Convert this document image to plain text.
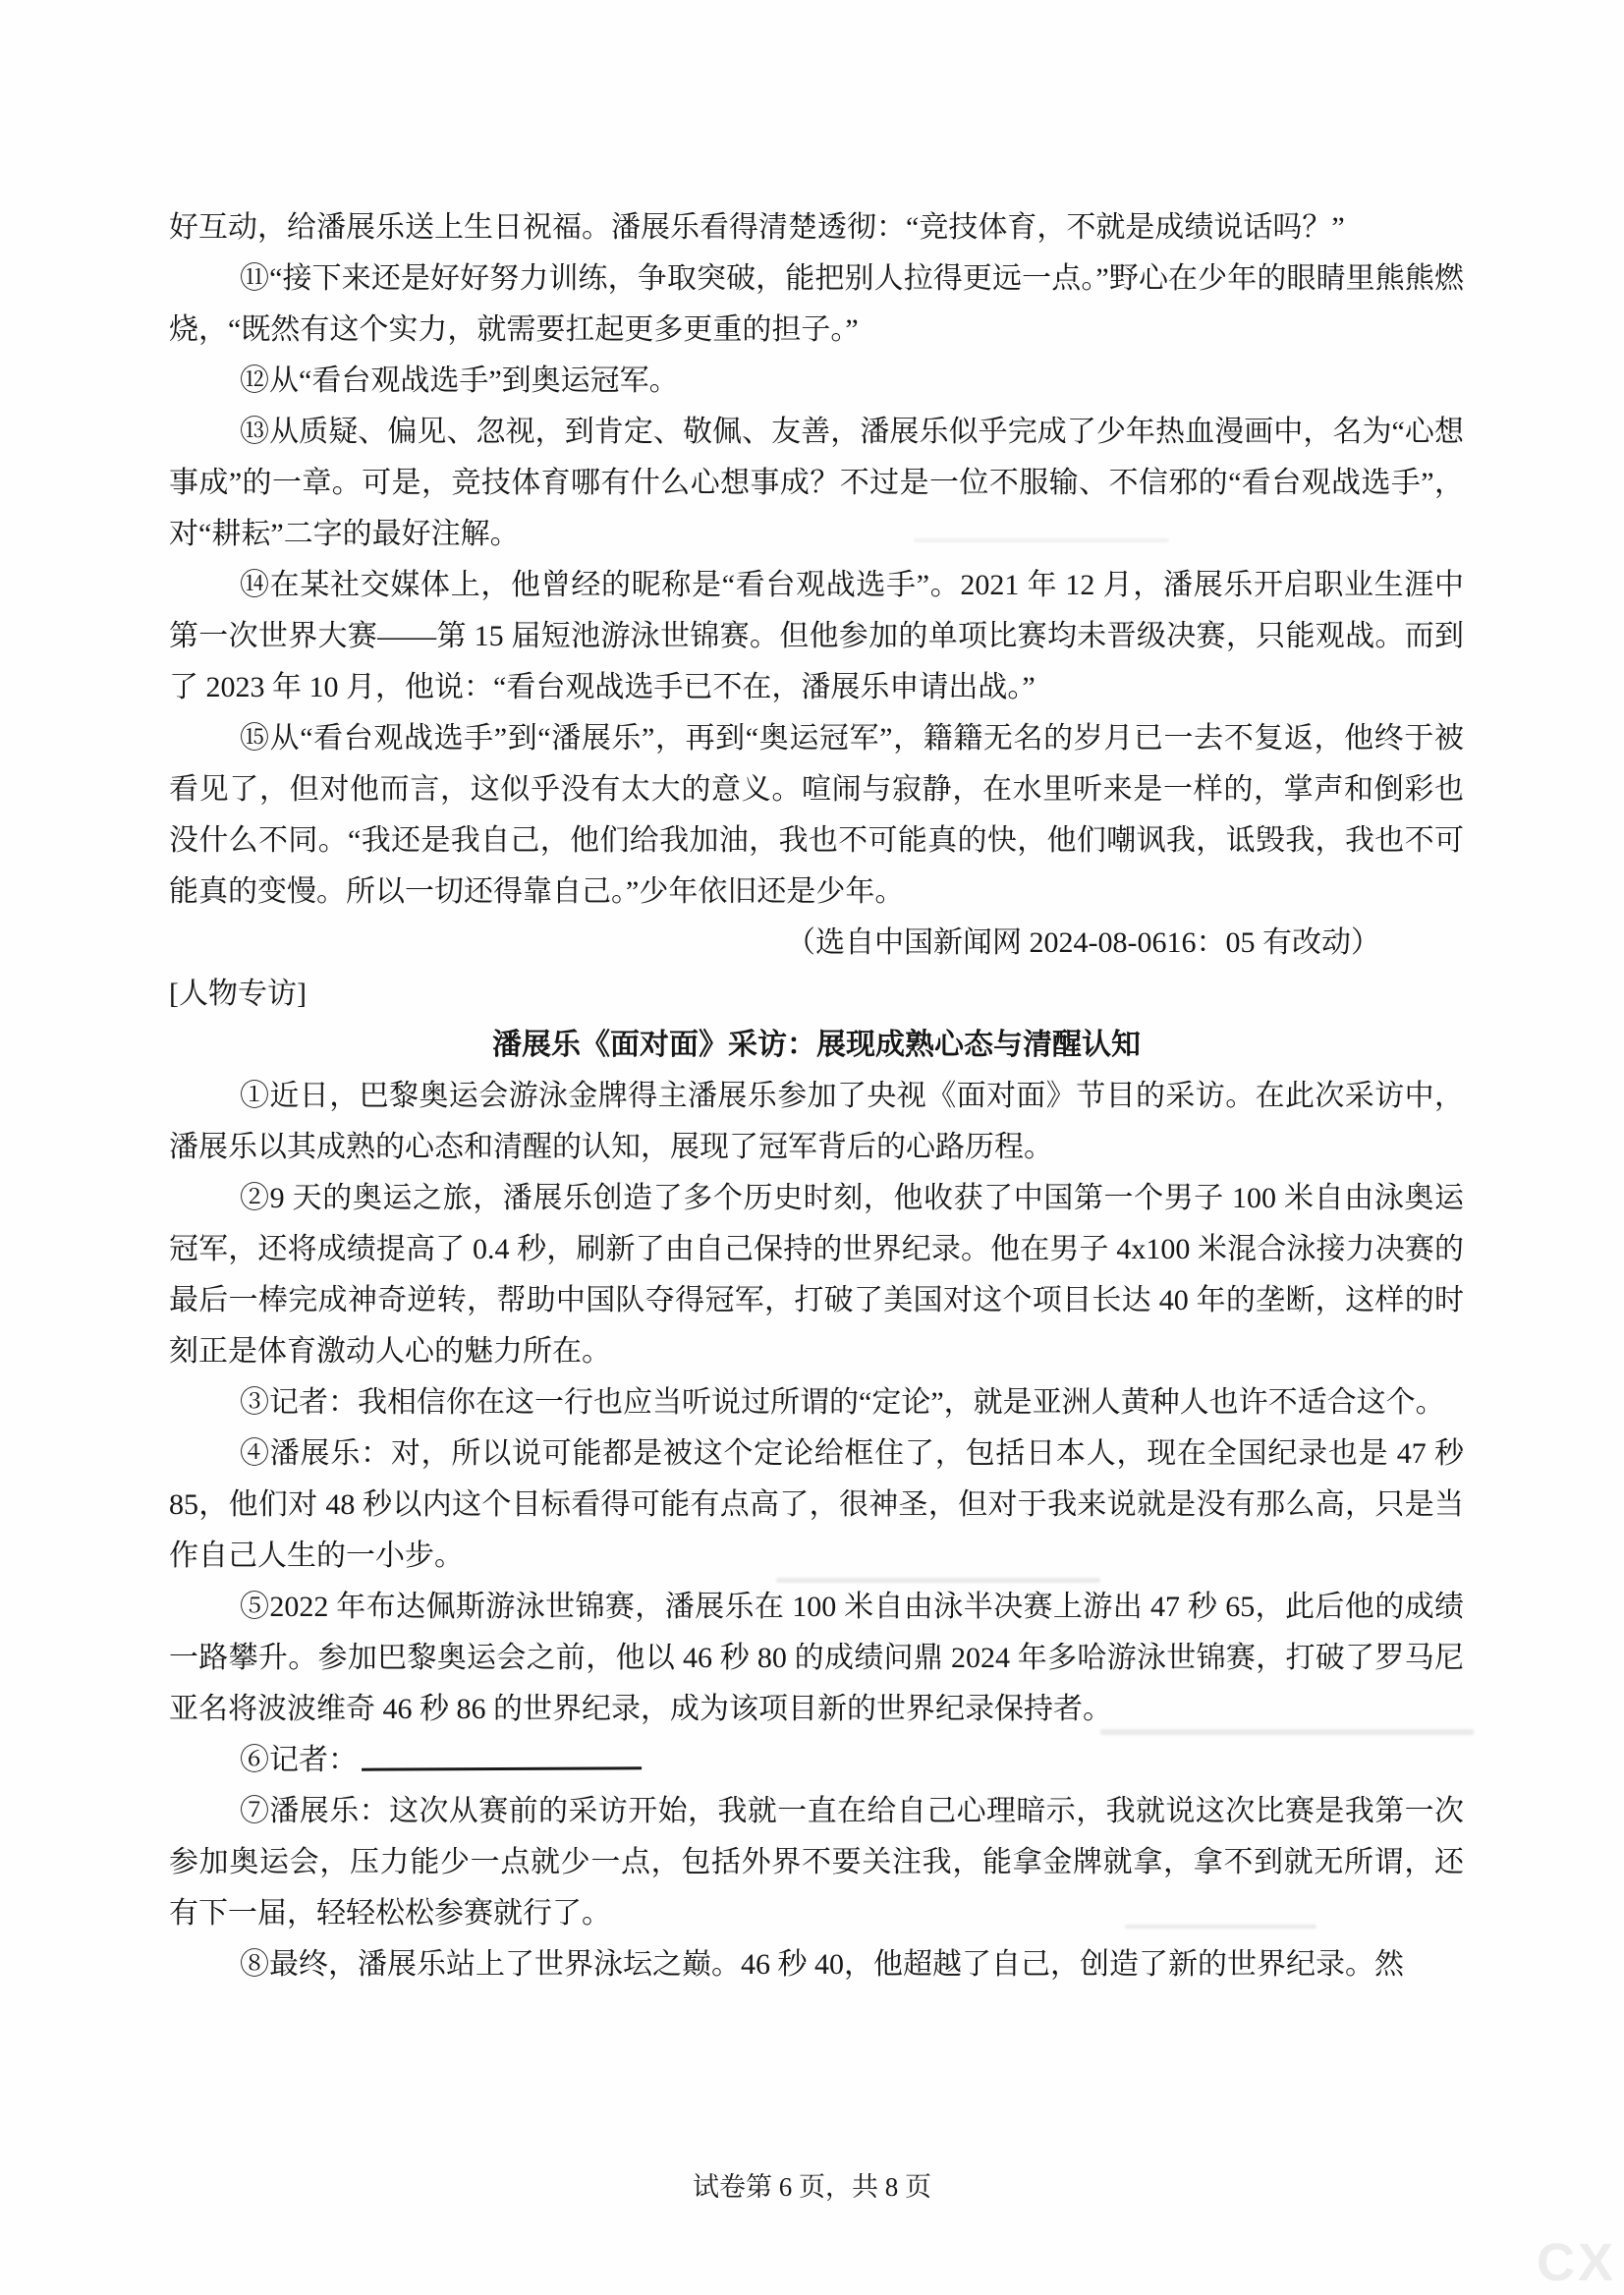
好互动，给潘展乐送上生日祝福。潘展乐看得清楚透彻：“竞技体育，不就是成绩说话吗？”

⑪“接下来还是好好努力训练，争取突破，能把别人拉得更远一点。”野心在少年的眼睛里熊熊燃烧，“既然有这个实力，就需要扛起更多更重的担子。”

⑫从“看台观战选手”到奥运冠军。

⑬从质疑、偏见、忽视，到肯定、敬佩、友善，潘展乐似乎完成了少年热血漫画中，名为“心想事成”的一章。可是，竞技体育哪有什么心想事成？不过是一位不服输、不信邪的“看台观战选手”，对“耕耘”二字的最好注解。

⑭在某社交媒体上，他曾经的昵称是“看台观战选手”。2021 年 12 月，潘展乐开启职业生涯中第一次世界大赛——第 15 届短池游泳世锦赛。但他参加的单项比赛均未晋级决赛，只能观战。而到了 2023 年 10 月，他说：“看台观战选手已不在，潘展乐申请出战。”

⑮从“看台观战选手”到“潘展乐”，再到“奥运冠军”，籍籍无名的岁月已一去不复返，他终于被看见了，但对他而言，这似乎没有太大的意义。喧闹与寂静，在水里听来是一样的，掌声和倒彩也没什么不同。“我还是我自己，他们给我加油，我也不可能真的快，他们嘲讽我，诋毁我，我也不可能真的变慢。所以一切还得靠自己。”少年依旧还是少年。

（选自中国新闻网 2024-08-0616：05 有改动）

[人物专访]

潘展乐《面对面》采访：展现成熟心态与清醒认知

①近日，巴黎奥运会游泳金牌得主潘展乐参加了央视《面对面》节目的采访。在此次采访中，潘展乐以其成熟的心态和清醒的认知，展现了冠军背后的心路历程。

②9 天的奥运之旅，潘展乐创造了多个历史时刻，他收获了中国第一个男子 100 米自由泳奥运冠军，还将成绩提高了 0.4 秒，刷新了由自己保持的世界纪录。他在男子 4x100 米混合泳接力决赛的最后一棒完成神奇逆转，帮助中国队夺得冠军，打破了美国对这个项目长达 40 年的垄断，这样的时刻正是体育激动人心的魅力所在。

③记者：我相信你在这一行也应当听说过所谓的“定论”，就是亚洲人黄种人也许不适合这个。

④潘展乐：对，所以说可能都是被这个定论给框住了，包括日本人，现在全国纪录也是 47 秒 85，他们对 48 秒以内这个目标看得可能有点高了，很神圣，但对于我来说就是没有那么高，只是当作自己人生的一小步。

⑤2022 年布达佩斯游泳世锦赛，潘展乐在 100 米自由泳半决赛上游出 47 秒 65，此后他的成绩一路攀升。参加巴黎奥运会之前，他以 46 秒 80 的成绩问鼎 2024 年多哈游泳世锦赛，打破了罗马尼亚名将波波维奇 46 秒 86 的世界纪录，成为该项目新的世界纪录保持者。

⑥记者：

⑦潘展乐：这次从赛前的采访开始，我就一直在给自己心理暗示，我就说这次比赛是我第一次参加奥运会，压力能少一点就少一点，包括外界不要关注我，能拿金牌就拿，拿不到就无所谓，还有下一届，轻轻松松参赛就行了。

⑧最终，潘展乐站上了世界泳坛之巅。46 秒 40，他超越了自己，创造了新的世界纪录。然

试卷第 6 页，共 8 页
CX
